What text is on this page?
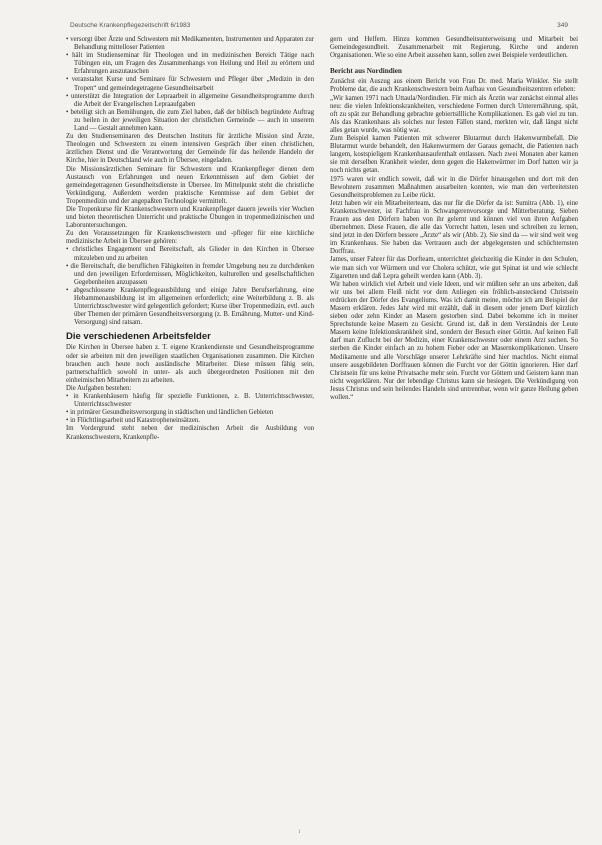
Deutsche Krankenpflegezeitschrift 6/1983	349

• versorgt über Ärzte und Schwestern mit Medikamenten, Instrumenten und Apparaten zur Behandlung mittelloser Patienten

• hält im Studienseminar für Theologen und im medizinischen Bereich Tätige nach Tübingen ein, um Fragen des Zusammenhangs von Heilung und Heil zu erörtern und Erfahrungen auszutauschen

• veranstaltet Kurse und Seminare für Schwestern und Pfleger über „Medizin in den Tropen“ und gemeindegetragene Gesundheitsarbeit

• unterstützt die Integration der Lepraarbeit in allgemeine Gesundheitsprogramme durch die Arbeit der Evangelischen Lepraaufgaben

• beteiligt sich an Bemühungen, die zum Ziel haben, daß der biblisch begründete Auftrag zu heilen in der jeweiligen Situation der christlichen Gemeinde — auch in unserem Land — Gestalt annehmen kann.

Zu den Studienseminaren des Deutschen Instituts für ärztliche Mission sind Ärzte, Theologen und Schwestern zu einem intensiven Gespräch über einen christlichen, ärztlichen Dienst und die Verantwortung der Gemeinde für das heilende Handeln der Kirche, hier in Deutschland wie auch in Übersee, eingeladen.

Die Missionsärztlichen Seminare für Schwestern und Krankenpfleger dienen dem Austausch von Erfahrungen und neuen Erkenntnissen auf dem Gebiet der gemeindegetragenen Gesundheitsdienste in Übersee. Im Mittelpunkt steht die christliche Verkündigung. Außerdem werden praktische Kenntnisse auf dem Gebiet der Tropenmedizin und der angepaßten Technologie vermittelt.

Die Tropenkurse für Krankenschwestern und Krankenpfleger dauern jeweils vier Wochen und bieten theoretischen Unterricht und praktische Übungen in tropenmedizinischen und Laboruntersuchungen.

Zu den Voraussetzungen für Krankenschwestern und -pfleger für eine kirchliche medizinische Arbeit in Übersee gehören:

• christliches Engagement und Bereitschaft, als Glieder in den Kirchen in Übersee mitzuleben und zu arbeiten

• die Bereitschaft, die beruflichen Fähigkeiten in fremder Umgebung neu zu durchdenken und den jeweiligen Erfordernissen, Möglichkeiten, kulturellen und gesellschaftlichen Gegebenheiten anzupassen

• abgeschlossene Krankenpflegeausbildung und einige Jahre Berufserfahrung, eine Hebammenausbildung ist im allgemeinen erforderlich; eine Weiterbildung z. B. als Unterrichtsschwester wird gelegentlich gefordert; Kurse über Tropenmedizin, evtl. auch über Themen der primären Gesundheitsversorgung (z. B. Ernährung, Mutter- und Kind-Versorgung) sind ratsam.

Die verschiedenen Arbeitsfelder

Die Kirchen in Übersee haben z. T. eigene Krankendienste und Gesundheitsprogramme oder sie arbeiten mit den jeweiligen staatlichen Organisationen zusammen. Die Kirchen brauchen auch heute noch ausländische Mitarbeiter. Diese müssen fähig sein, partnerschaftlich sowohl in unter- als auch übergeordneten Positionen mit den einheimischen Mitarbeitern zu arbeiten.

Die Aufgaben bestehen:

• in Krankenhäusern häufig für spezielle Funktionen, z. B. Unterrichtsschwester, Unterrichtsschwester

• in primärer Gesundheitsversorgung in städtischen und ländlichen Gebieten

• in Flüchtlingsarbeit und Katastropheneinsätzen.

Im Vordergrund steht neben der medizinischen Arbeit die Ausbildung von Krankenschwestern, Krankenpfle-

gern und Helfern. Hinzu kommen Gesundheitsunterweisung und Mitarbeit bei Gemeindegesundheit. Zusammenarbeit mit Regierung, Kirche und anderen Organisationen. Wie so eine Arbeit aussehen kann, sollen zwei Beispiele verdeutlichen.

Bericht aus Nordindien

Zunächst ein Auszug aus einem Bericht von Frau Dr. med. Maria Winkler. Sie stellt Probleme dar, die auch Krankenschwestern beim Aufbau von Gesundheitszentren erleben:

„Wir kamen 1971 nach Uttaula/Nordindien. Für mich als Ärztin war zunächst einmal alles neu: die vielen Infektionskrankheiten, verschiedene Formen durch Unterernährung, spät, oft zu spät zur Behandlung gebrachte gebiertsillliche Komplikationen. Es gab viel zu tun. Als das Krankenhaus als solches nur festen Fällen stand, merkten wir, daß längst nicht alles getan wurde, was nötig war.

Zum Beispiel kamen Patienten mit schwerer Blutarmut durch Hakenwurmbefall. Die Blutarmut wurde behandelt, den Hakenwurmern der Garaus gemacht, die Patienten nach langem, kostspieligem Krankenhausaufenthalt entlassen. Nach zwei Monaten aber kamen sie mit derselben Krankheit wieder, denn gegen die Hakenwürmer im Dorf hatten wir ja noch nichts getan.

1975 waren wir endlich soweit, daß wir in die Dörfer hinausgehen und dort mit den Bewohnern zusammen Maßnahmen ausarbeiten konnten, wie man den verbreitetsten Gesundheitsproblemen zu Leibe rückt.

Jetzt haben wir ein Mitarbeiterteam, das nur für die Dörfer da ist: Sumitra (Abb. 1), eine Krankenschwester, ist Fachfrau in Schwangerenvorsorge und Mütterberatung. Sieben Frauen aus den Dörfern haben von ihr gelernt und können viel von ihren Aufgaben übernehmen. Diese Frauen, die alle das Vorrecht hatten, lesen und schreiben zu lernen, sind jetzt in den Dörfern bessere „Ärzte“ als wir (Abb. 2). Sie sind da — wir sind weit weg im Krankenhaus. Sie haben das Vertrauen auch der abgelegensten und schüchternsten Dorffrau.

James, unser Fahrer für das Dorfteam, unterrichtet gleichzeitig die Kinder in den Schulen, wie man sich vor Würmern und vor Cholera schützt, wie gut Spinat ist und wie schlecht Zigaretten und daß Lepra geheilt werden kann (Abb. 3).

Wir haben wirklich viel Arbeit und viele Ideen, und wir müßten sehr an uns arbeiten, daß wir uns bei allem Fleiß nicht vor dem Anliegen ein fröhlich-ansteckend Christsein erdrücken der Dörfer des Evangeliums. Was ich damit meine, möchte ich am Beispiel der Masern erklären. Jedes Jahr wird mit erzählt, daß in diesem oder jenem Dorf kürzlich sieben oder zehn Kinder an Masern gestorben sind. Dabei bekomme ich in meiner Sprechstunde keine Masern zu Gesicht. Grund ist, daß in dem Verständnis der Leute Masern keine Infektionskrankheit sind, sondern der Besuch einer Göttin. Auf keinen Fall darf man Zuflucht bei der Medizin, einer Krankenschwester oder einem Arzt suchen. So sterben die Kinder einfach an zu hohem Fieber oder an Masernkomplikationen. Unsere Medikamente und alle Vorschläge unserer Lehrkräfte sind hier machtlos. Nicht einmal unsere ausgebildeten Dorffrauen können die Furcht vor der Göttin ignorieren. Hier darf Christsein für uns keine Privatsache mehr sein. Furcht vor Göttern und Geistern kann man nicht wegerklären. Nur der lebendige Christus kann sie besiegen. Die Verkündigung von Jesus Christus und sein heilendes Handeln sind untrennbar, wenn wir ganze Heilung geben wollen.“

1
